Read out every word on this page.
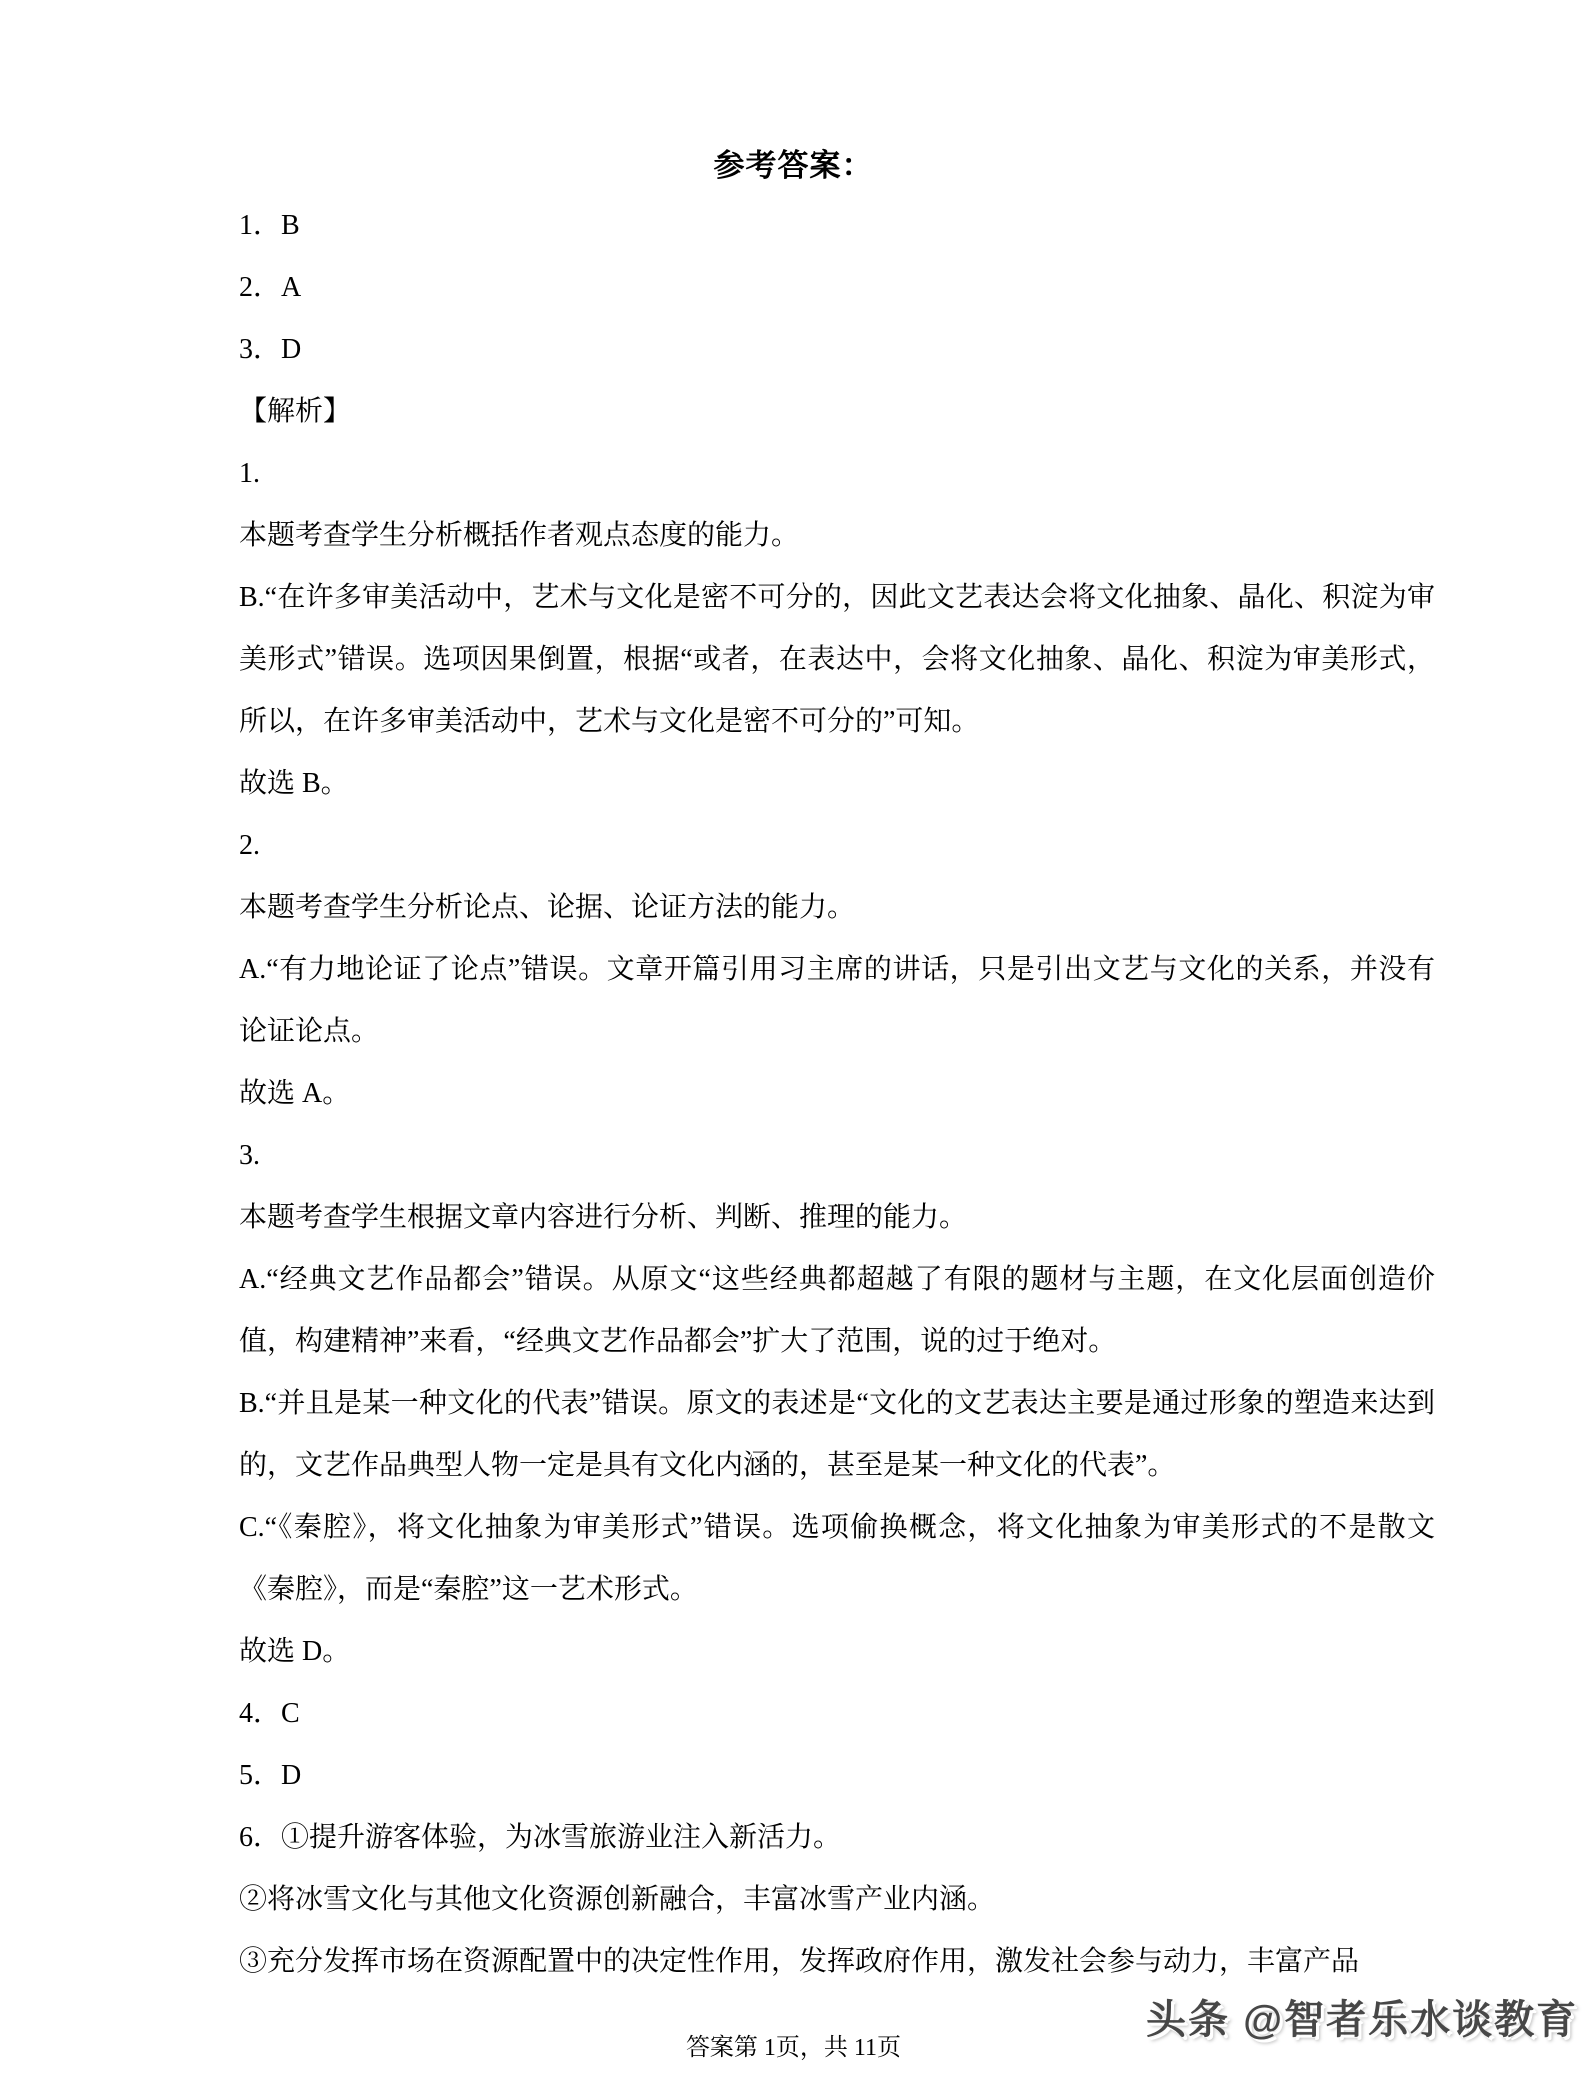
参考答案：

1．B

2．A

3．D

【解析】

1.

本题考查学生分析概括作者观点态度的能力。

B.“在许多审美活动中，艺术与文化是密不可分的，因此文艺表达会将文化抽象、晶化、积淀为审美形式”错误。选项因果倒置，根据“或者，在表达中，会将文化抽象、晶化、积淀为审美形式，所以，在许多审美活动中，艺术与文化是密不可分的”可知。

故选 B。

2.

本题考查学生分析论点、论据、论证方法的能力。

A.“有力地论证了论点”错误。文章开篇引用习主席的讲话，只是引出文艺与文化的关系，并没有论证论点。

故选 A。

3.

本题考查学生根据文章内容进行分析、判断、推理的能力。

A.“经典文艺作品都会”错误。从原文“这些经典都超越了有限的题材与主题，在文化层面创造价值，构建精神”来看，“经典文艺作品都会”扩大了范围，说的过于绝对。

B.“并且是某一种文化的代表”错误。原文的表述是“文化的文艺表达主要是通过形象的塑造来达到的，文艺作品典型人物一定是具有文化内涵的，甚至是某一种文化的代表”。

C.“《秦腔》，将文化抽象为审美形式”错误。选项偷换概念，将文化抽象为审美形式的不是散文《秦腔》，而是“秦腔”这一艺术形式。

故选 D。

4．C

5．D

6．①提升游客体验，为冰雪旅游业注入新活力。

②将冰雪文化与其他文化资源创新融合，丰富冰雪产业内涵。

③充分发挥市场在资源配置中的决定性作用，发挥政府作用，激发社会参与动力，丰富产品

头条 @智者乐水谈教育
答案第 1页，共 11页
